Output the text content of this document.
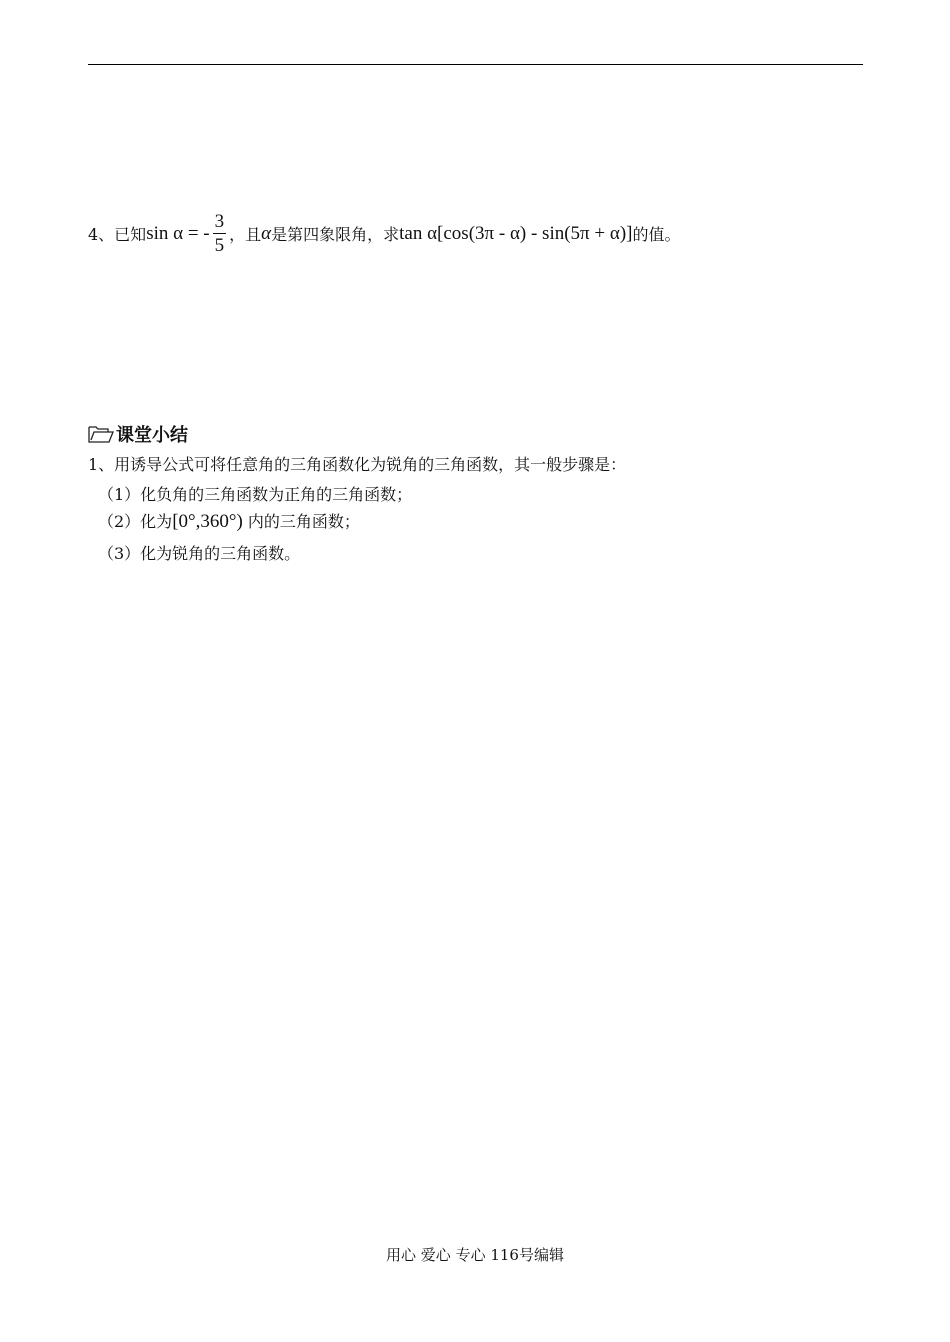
4、已知 sin α = - $\frac{3}{5}$ ，且 α 是第四象限角，求 tan α[cos(3π - α) - sin(5π + α)] 的值。
课堂小结
1、用诱导公式可将任意角的三角函数化为锐角的三角函数，其一般步骤是：
（1）化负角的三角函数为正角的三角函数；
（2）化为[0°,360°) 内的三角函数；
（3）化为锐角的三角函数。
用心 爱心 专心 116号编辑
